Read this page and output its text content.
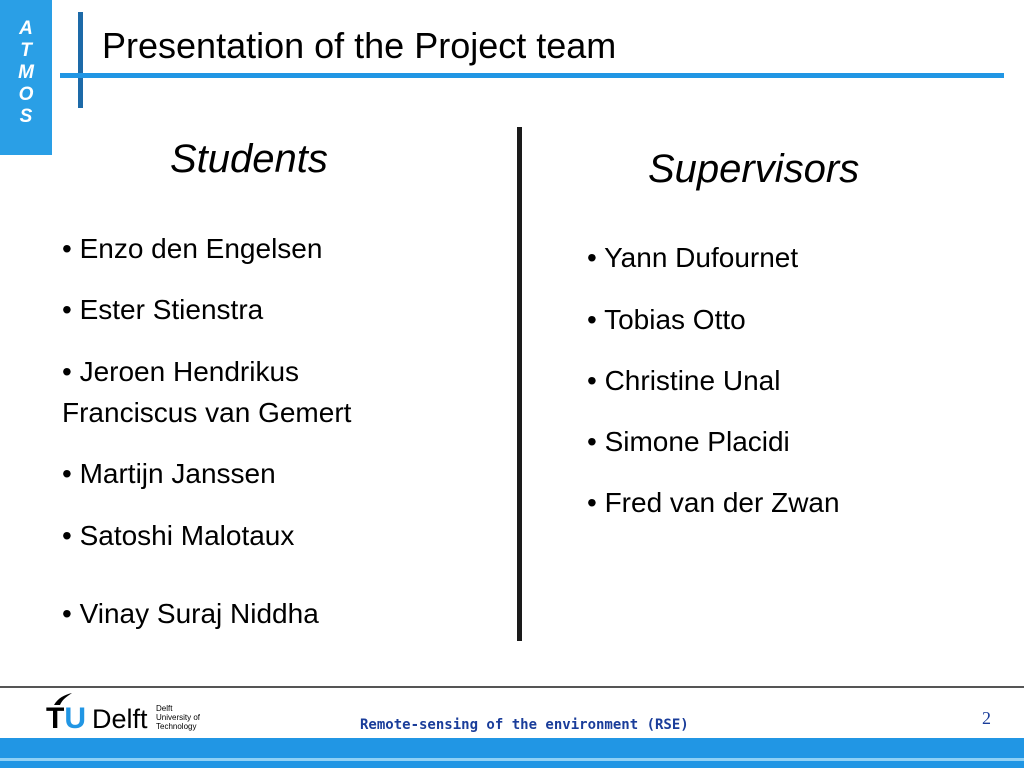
A
T
M
O
S
Presentation of the Project team
Students	Supervisors
• Enzo den Engelsen
• Ester Stienstra
• Jeroen Hendrikus
Franciscus van Gemert
• Martijn Janssen
• Satoshi Malotaux
• Vinay Suraj Niddha
• Yann Dufournet
• Tobias Otto
• Christine Unal
• Simone Placidi
• Fred van der Zwan
TU Delft Delft
University of
Technology	Remote-sensing of the environment (RSE)	2
